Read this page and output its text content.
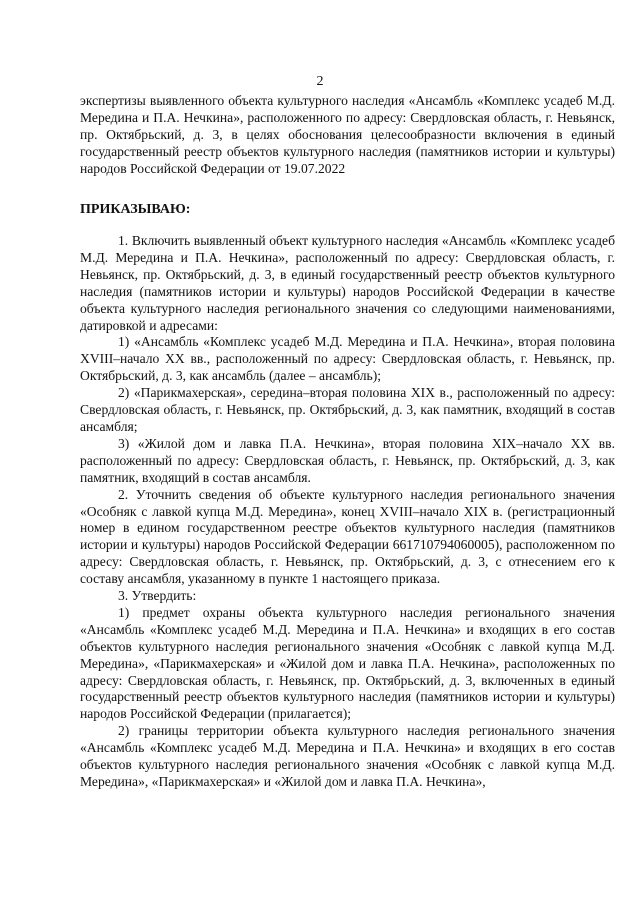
2

экспертизы выявленного объекта культурного наследия «Ансамбль «Комплекс усадеб М.Д. Мередина и П.А. Нечкина», расположенного по адресу: Свердловская область, г. Невьянск, пр. Октябрьский, д. 3, в целях обоснования целесообразности включения в единый государственный реестр объектов культурного наследия (памятников истории и культуры) народов Российской Федерации от 19.07.2022

ПРИКАЗЫВАЮ:

1. Включить выявленный объект культурного наследия «Ансамбль «Комплекс усадеб М.Д. Мередина и П.А. Нечкина», расположенный по адресу: Свердловская область, г. Невьянск, пр. Октябрьский, д. 3, в единый государственный реестр объектов культурного наследия (памятников истории и культуры) народов Российской Федерации в качестве объекта культурного наследия регионального значения со следующими наименованиями, датировкой и адресами:

1) «Ансамбль «Комплекс усадеб М.Д. Мередина и П.А. Нечкина», вторая половина XVIII–начало XX вв., расположенный по адресу: Свердловская область, г. Невьянск, пр. Октябрьский, д. 3, как ансамбль (далее – ансамбль);

2) «Парикмахерская», середина–вторая половина XIX в., расположенный по адресу: Свердловская область, г. Невьянск, пр. Октябрьский, д. 3, как памятник, входящий в состав ансамбля;

3) «Жилой дом и лавка П.А. Нечкина», вторая половина XIX–начало XX вв. расположенный по адресу: Свердловская область, г. Невьянск, пр. Октябрьский, д. 3, как памятник, входящий в состав ансамбля.

2. Уточнить сведения об объекте культурного наследия регионального значения «Особняк с лавкой купца М.Д. Мередина», конец XVIII–начало XIX в. (регистрационный номер в едином государственном реестре объектов культурного наследия (памятников истории и культуры) народов Российской Федерации 661710794060005), расположенном по адресу: Свердловская область, г. Невьянск, пр. Октябрьский, д. 3, с отнесением его к составу ансамбля, указанному в пункте 1 настоящего приказа.

3. Утвердить:

1) предмет охраны объекта культурного наследия регионального значения «Ансамбль «Комплекс усадеб М.Д. Мередина и П.А. Нечкина» и входящих в его состав объектов культурного наследия регионального значения «Особняк с лавкой купца М.Д. Мередина», «Парикмахерская» и «Жилой дом и лавка П.А. Нечкина», расположенных по адресу: Свердловская область, г. Невьянск, пр. Октябрьский, д. 3, включенных в единый государственный реестр объектов культурного наследия (памятников истории и культуры) народов Российской Федерации (прилагается);

2) границы территории объекта культурного наследия регионального значения «Ансамбль «Комплекс усадеб М.Д. Мередина и П.А. Нечкина» и входящих в его состав объектов культурного наследия регионального значения «Особняк с лавкой купца М.Д. Мередина», «Парикмахерская» и «Жилой дом и лавка П.А. Нечкина»,
